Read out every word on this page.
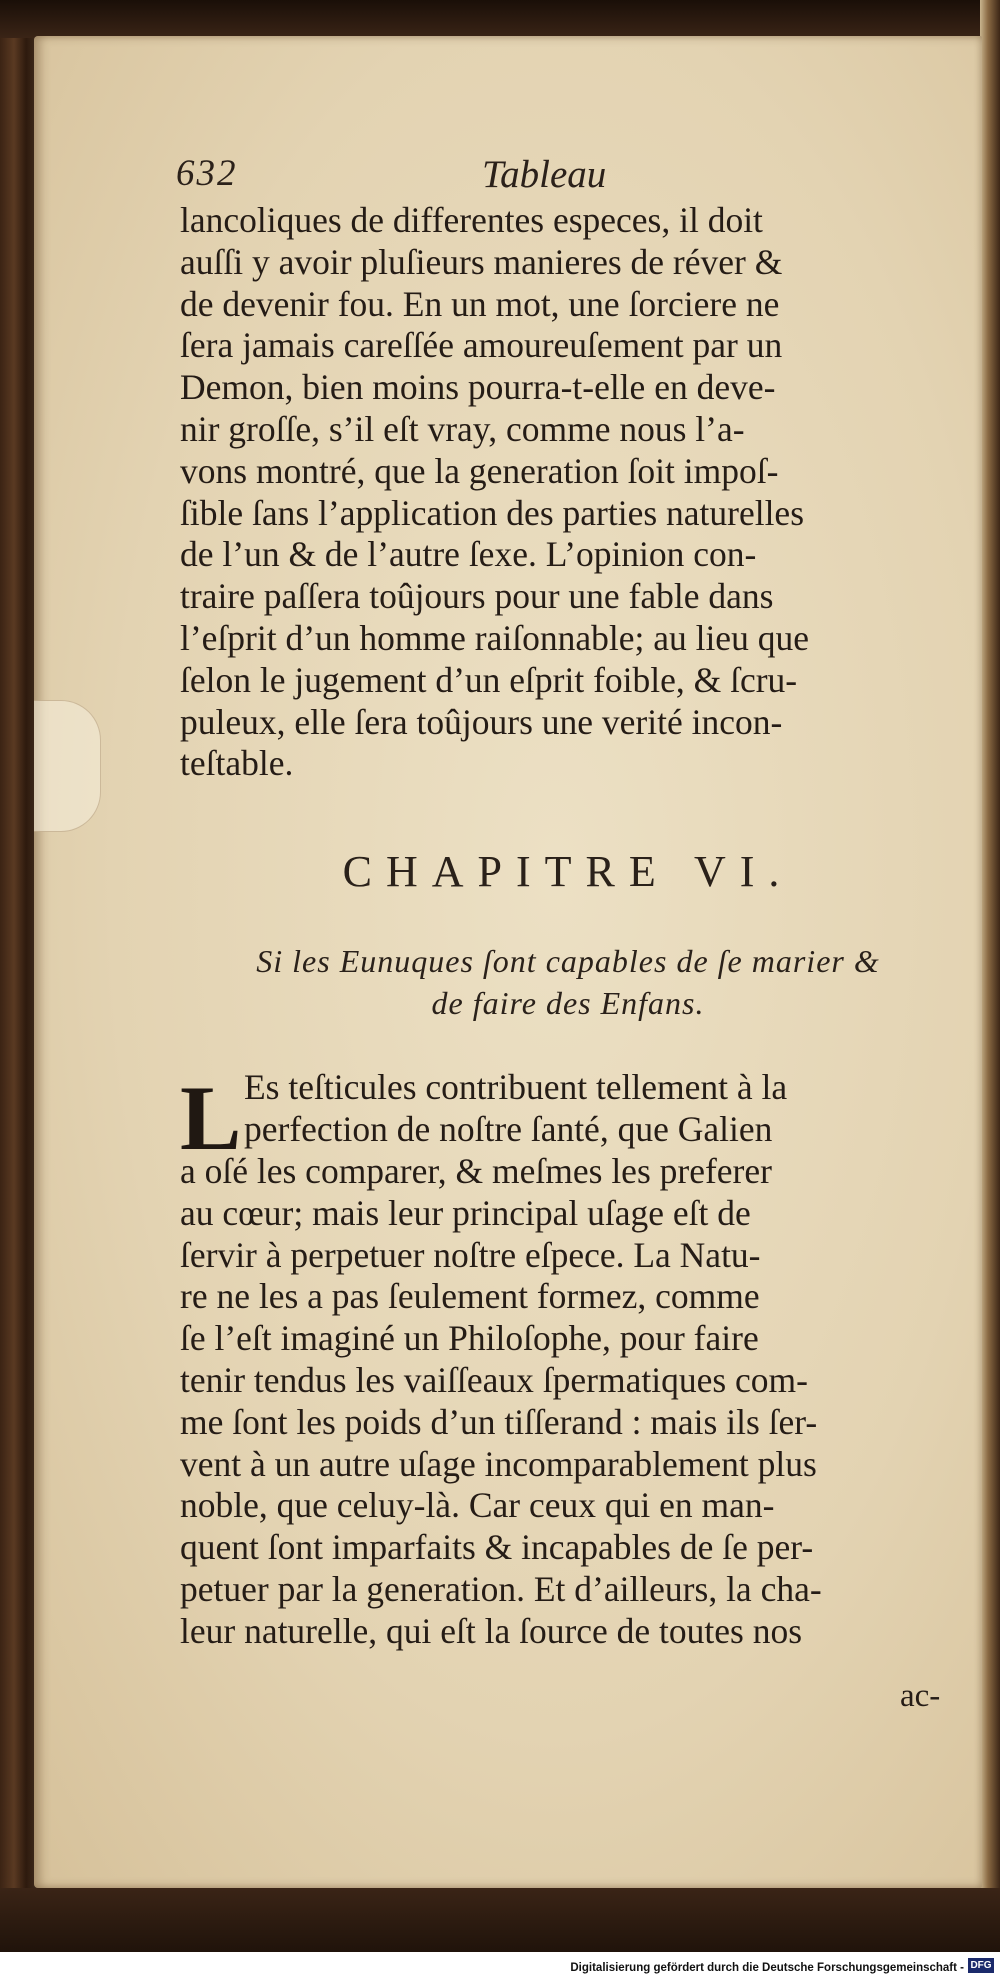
632	Tableau
lancoliques de differentes especes, il doit
auſſi y avoir pluſieurs manieres de réver &
de devenir fou. En un mot, une ſorciere ne
ſera jamais careſſée amoureuſement par un
Demon, bien moins pourra-t-elle en deve-
nir groſſe, s’il eſt vray, comme nous l’a-
vons montré, que la generation ſoit impoſ-
ſible ſans l’application des parties naturelles
de l’un & de l’autre ſexe. L’opinion con-
traire paſſera toûjours pour une fable dans
l’eſprit d’un homme raiſonnable; au lieu que
ſelon le jugement d’un eſprit foible, & ſcru-
puleux, elle ſera toûjours une verité incon-
teſtable.
CHAPITRE VI.
Si les Eunuques ſont capables de ſe marier &
de faire des Enfans.
L Es teſticules contribuent tellement à la
perfection de noſtre ſanté, que Galien
a oſé les comparer, & meſmes les preferer
au cœur; mais leur principal uſage eſt de
ſervir à perpetuer noſtre eſpece. La Natu-
re ne les a pas ſeulement formez, comme
ſe l’eſt imaginé un Philoſophe, pour faire
tenir tendus les vaiſſeaux ſpermatiques com-
me ſont les poids d’un tiſſerand : mais ils ſer-
vent à un autre uſage incomparablement plus
noble, que celuy-là. Car ceux qui en man-
quent ſont imparfaits & incapables de ſe per-
petuer par la generation. Et d’ailleurs, la cha-
leur naturelle, qui eſt la ſource de toutes nos
ac-
Digitalisierung gefördert durch die Deutsche Forschungsgemeinschaft - DFG
